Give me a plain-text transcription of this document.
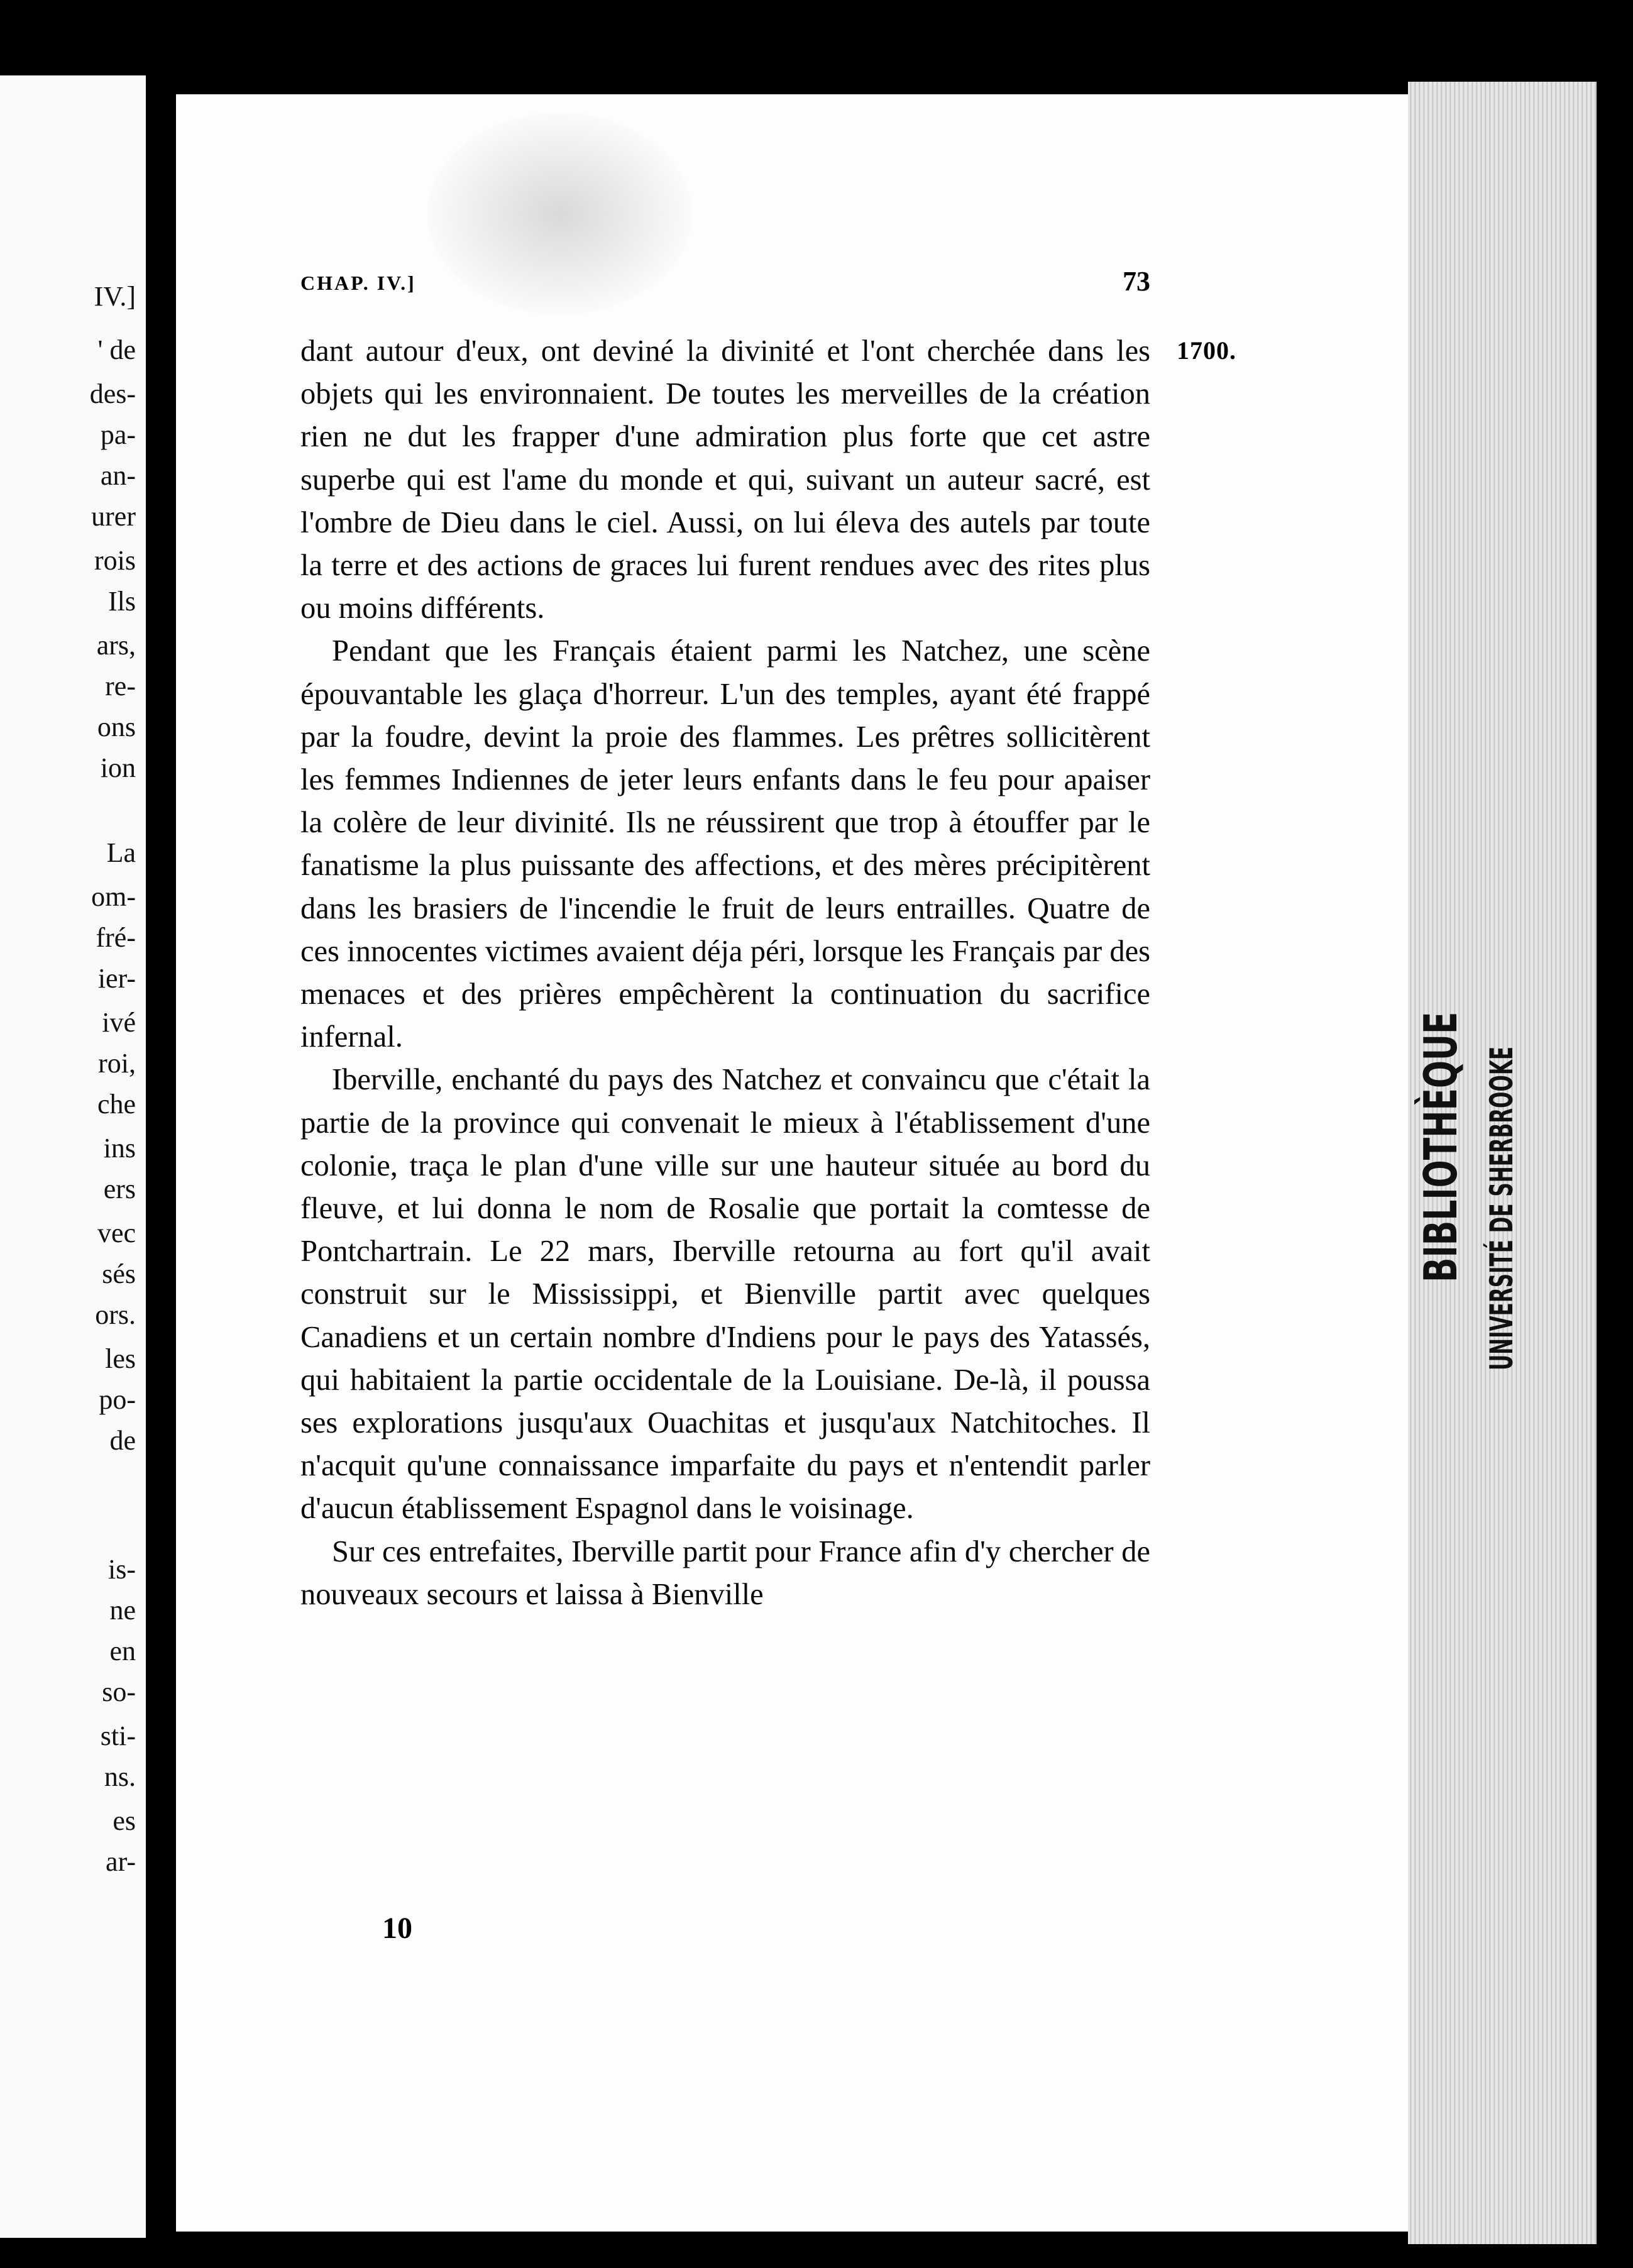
IV.]
' de
des-
pa-
an-
urer
rois
Ils
ars,
re-
ons
ion
La
om-
fré-
ier-
ivé
roi,
che
ins
ers
vec
sés
ors.
les
po-
de
is-
ne
en
so-
sti-
ns.
es
ar-
CHAP. IV.]	73
1700.

dant autour d'eux, ont deviné la divinité et l'ont cherchée dans les objets qui les environnaient. De toutes les merveilles de la création rien ne dut les frapper d'une admiration plus forte que cet astre superbe qui est l'ame du monde et qui, suivant un auteur sacré, est l'ombre de Dieu dans le ciel. Aussi, on lui éleva des autels par toute la terre et des actions de graces lui furent rendues avec des rites plus ou moins différents.

Pendant que les Français étaient parmi les Natchez, une scène épouvantable les glaça d'horreur. L'un des temples, ayant été frappé par la foudre, devint la proie des flammes. Les prêtres sollicitèrent les femmes Indiennes de jeter leurs enfants dans le feu pour apaiser la colère de leur divinité. Ils ne réussirent que trop à étouffer par le fanatisme la plus puissante des affections, et des mères précipitèrent dans les brasiers de l'incendie le fruit de leurs entrailles. Quatre de ces innocentes victimes avaient déja péri, lorsque les Français par des menaces et des prières empêchèrent la continuation du sacrifice infernal.

Iberville, enchanté du pays des Natchez et convaincu que c'était la partie de la province qui convenait le mieux à l'établissement d'une colonie, traça le plan d'une ville sur une hauteur située au bord du fleuve, et lui donna le nom de Rosalie que portait la comtesse de Pontchartrain. Le 22 mars, Iberville retourna au fort qu'il avait construit sur le Mississippi, et Bienville partit avec quelques Canadiens et un certain nombre d'Indiens pour le pays des Yatassés, qui habitaient la partie occidentale de la Louisiane. De-là, il poussa ses explorations jusqu'aux Ouachitas et jusqu'aux Natchitoches. Il n'acquit qu'une connaissance imparfaite du pays et n'entendit parler d'aucun établissement Espagnol dans le voisinage.

Sur ces entrefaites, Iberville partit pour France afin d'y chercher de nouveaux secours et laissa à Bienville

10
BIBLIOTHÈQUE UNIVERSITÉ DE SHERBROOKE
